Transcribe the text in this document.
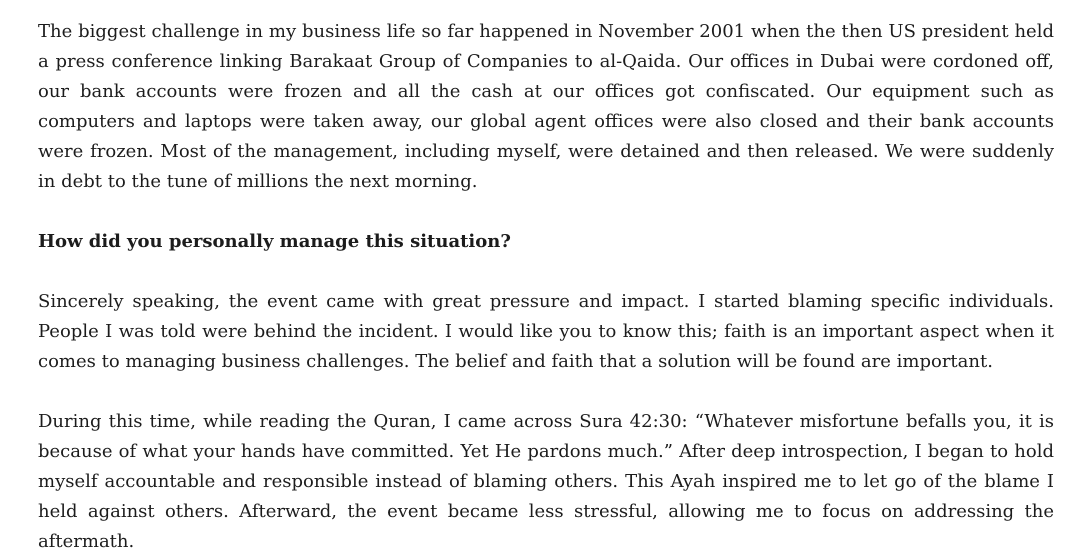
The biggest challenge in my business life so far happened in November 2001 when the then US president held a press conference linking Barakaat Group of Companies to al-Qaida. Our offices in Dubai were cordoned off, our bank accounts were frozen and all the cash at our offices got confiscated. Our equipment such as computers and laptops were taken away, our global agent offices were also closed and their bank accounts were frozen. Most of the management, including myself, were detained and then released. We were suddenly in debt to the tune of millions the next morning.

How did you personally manage this situation?

Sincerely speaking, the event came with great pressure and impact. I started blaming specific individuals. People I was told were behind the incident. I would like you to know this; faith is an important aspect when it comes to managing business challenges. The belief and faith that a solution will be found are important.

During this time, while reading the Quran, I came across Sura 42:30: “Whatever misfortune befalls you, it is because of what your hands have committed. Yet He pardons much.” After deep introspection, I began to hold myself accountable and responsible instead of blaming others. This Ayah inspired me to let go of the blame I held against others. Afterward, the event became less stressful, allowing me to focus on addressing the aftermath.
